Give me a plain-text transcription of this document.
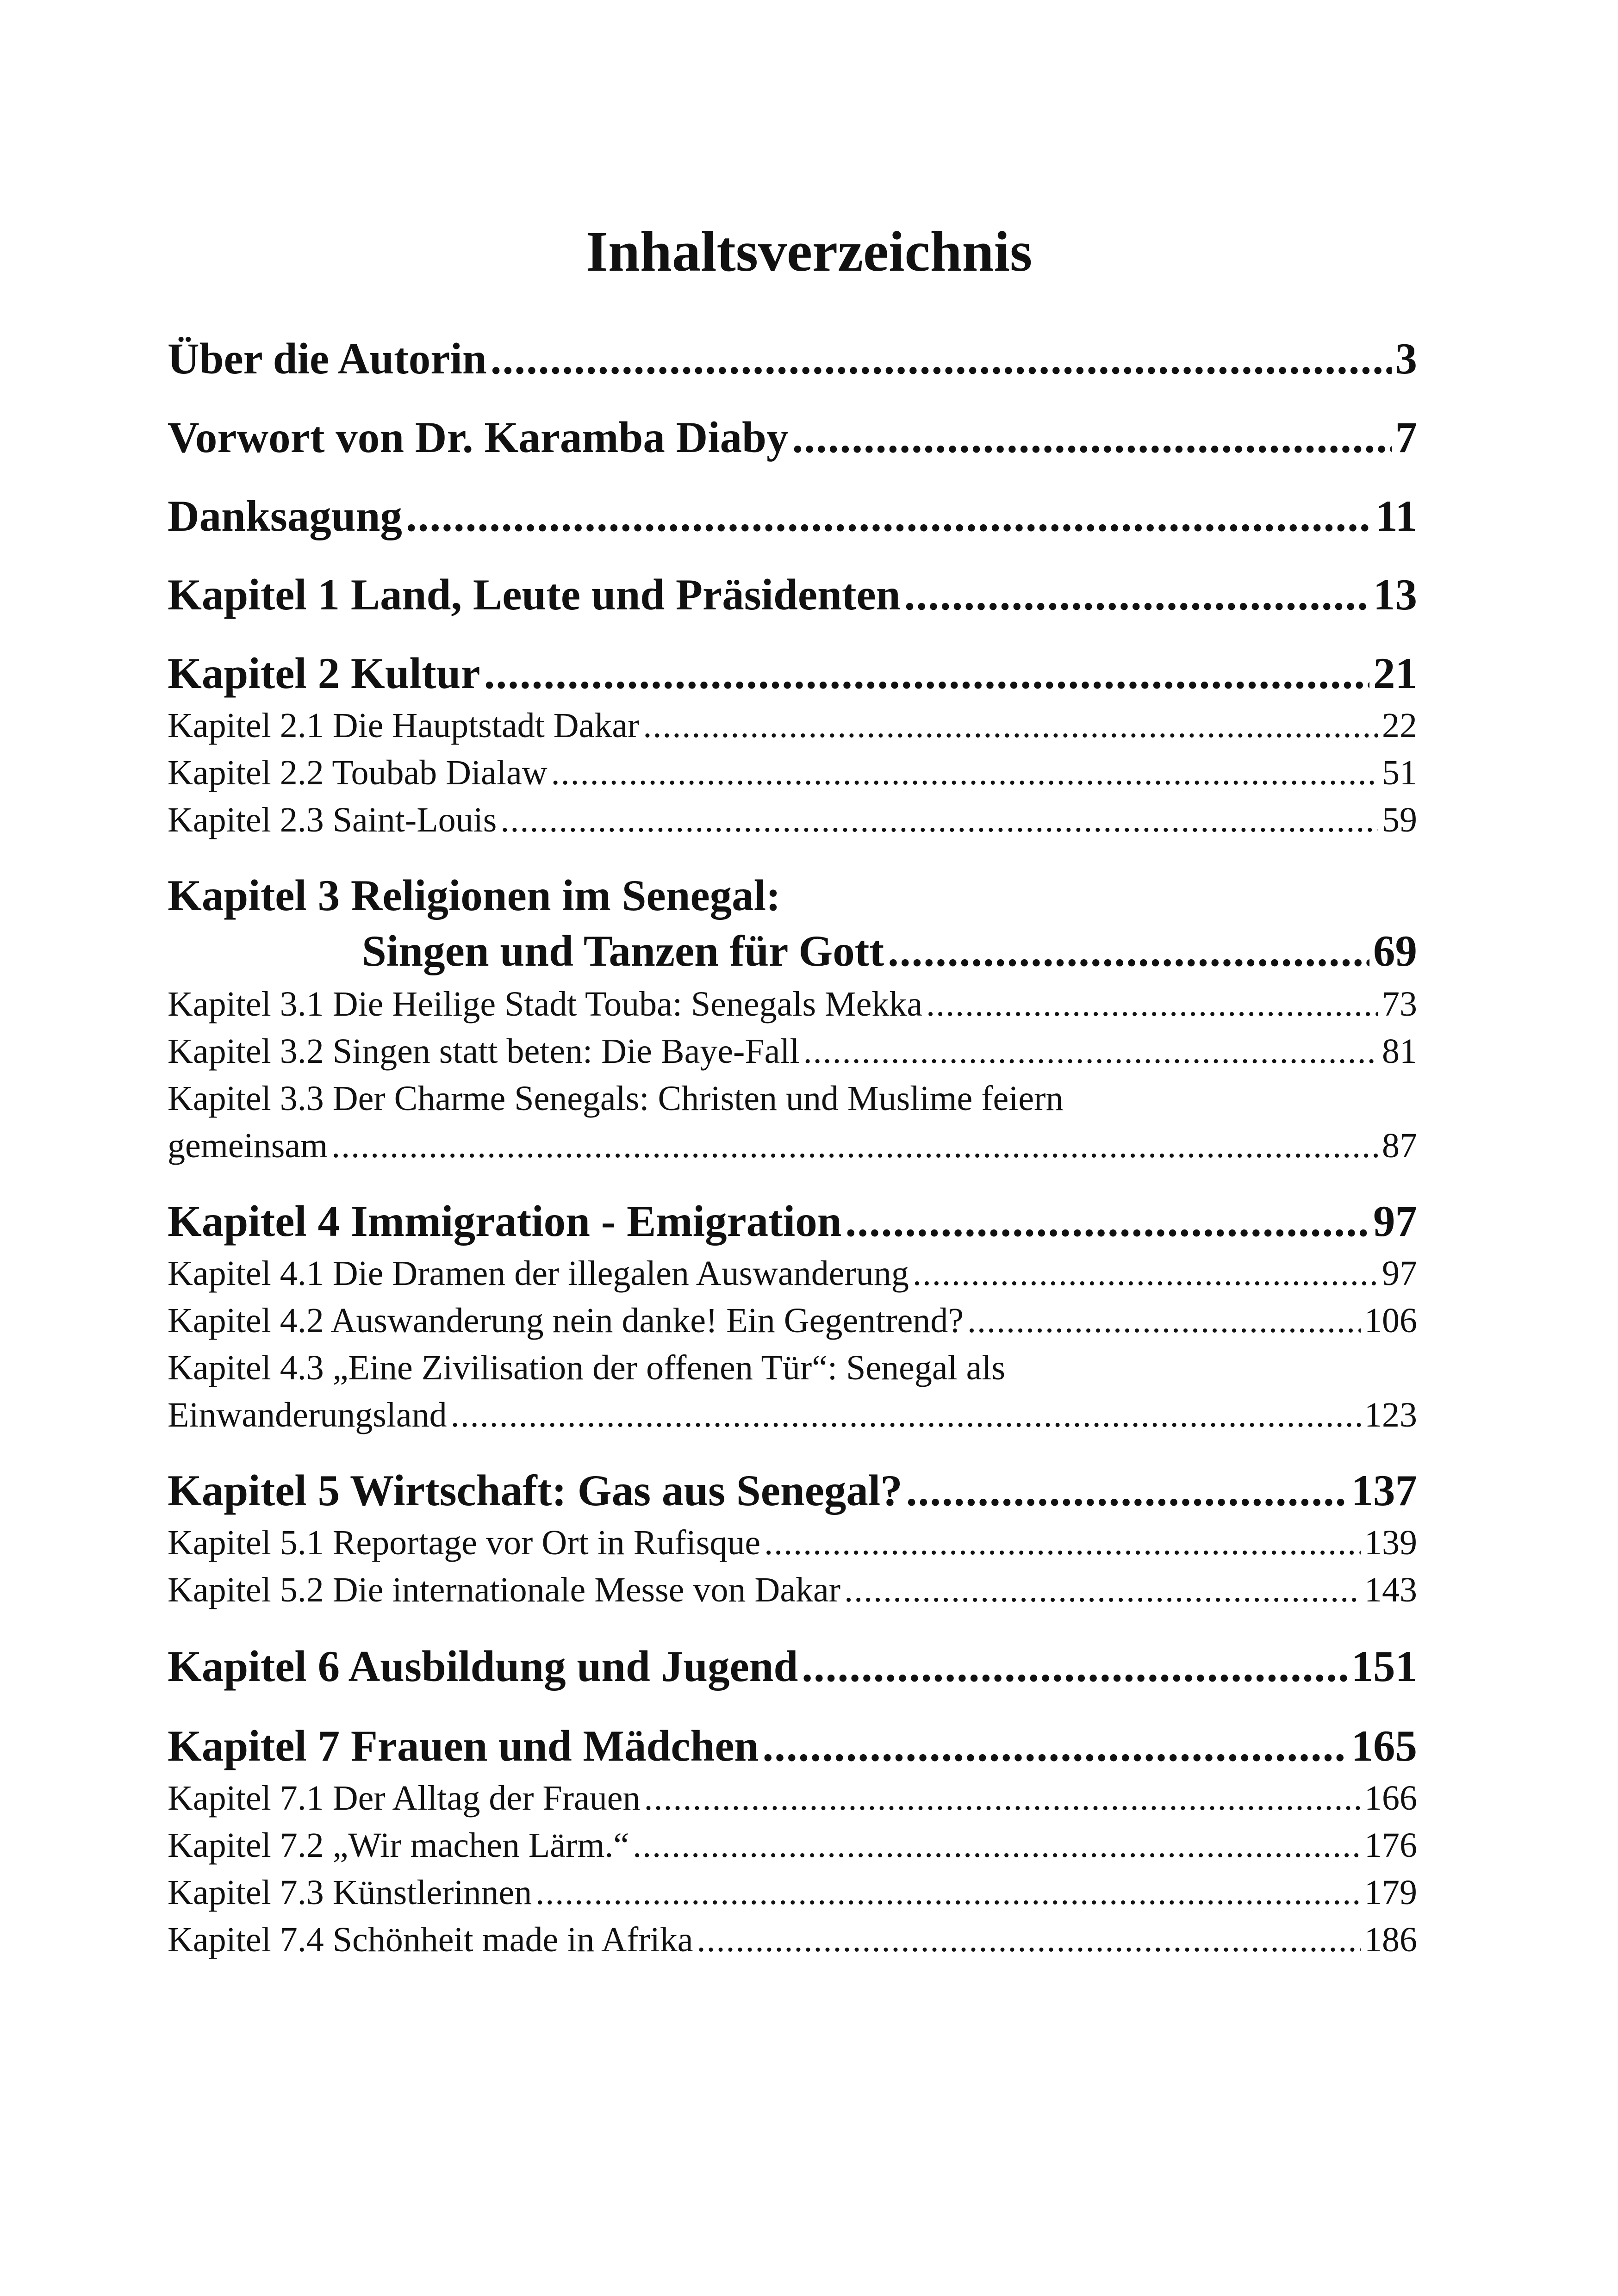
Inhaltsverzeichnis
Über die Autorin .....	3
Vorwort von Dr. Karamba Diaby .....	7
Danksagung .....	11
Kapitel 1 Land, Leute und Präsidenten .....	13
Kapitel 2 Kultur .....	21
Kapitel 2.1 Die Hauptstadt Dakar .....	22
Kapitel 2.2 Toubab Dialaw .....	51
Kapitel 2.3 Saint-Louis .....	59
Kapitel 3 Religionen im Senegal:
Singen und Tanzen für Gott .....	69
Kapitel 3.1 Die Heilige Stadt Touba: Senegals Mekka .....	73
Kapitel 3.2 Singen statt beten: Die Baye-Fall .....	81
Kapitel 3.3 Der Charme Senegals: Christen und Muslime feiern
gemeinsam .....	87
Kapitel 4 Immigration - Emigration .....	97
Kapitel 4.1 Die Dramen der illegalen Auswanderung .....	97
Kapitel 4.2 Auswanderung nein danke! Ein Gegentrend? .....	106
Kapitel 4.3 „Eine Zivilisation der offenen Tür“: Senegal als
Einwanderungsland .....	123
Kapitel 5 Wirtschaft: Gas aus Senegal? .....	137
Kapitel 5.1 Reportage vor Ort in Rufisque .....	139
Kapitel 5.2 Die internationale Messe von Dakar .....	143
Kapitel 6 Ausbildung und Jugend .....	151
Kapitel 7 Frauen und Mädchen .....	165
Kapitel 7.1 Der Alltag der Frauen .....	166
Kapitel 7.2 „Wir machen Lärm.“ .....	176
Kapitel 7.3 Künstlerinnen .....	179
Kapitel 7.4 Schönheit made in Afrika .....	186
